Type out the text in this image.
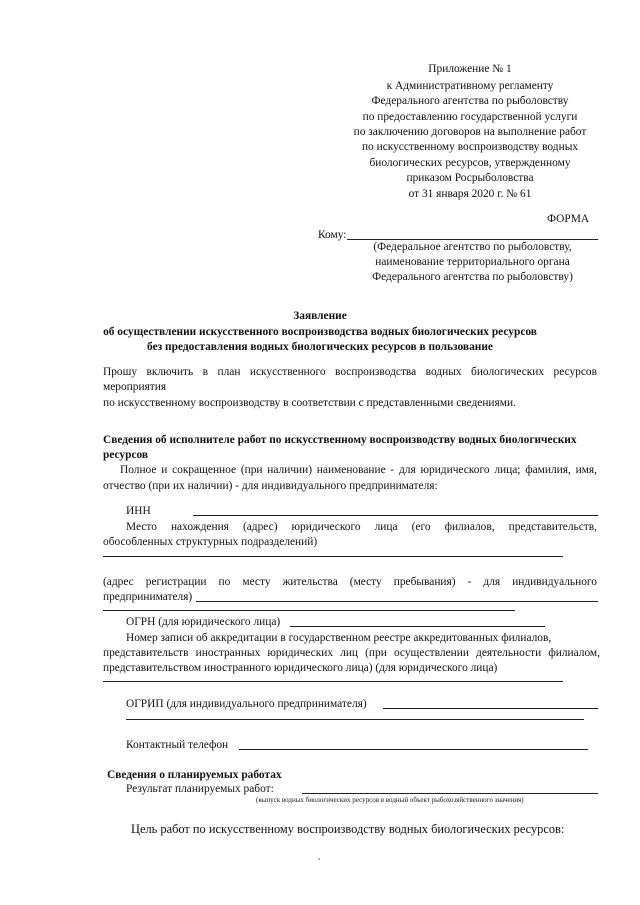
Приложение № 1
к Административному регламенту
Федерального агентства по рыболовству
по предоставлению государственной услуги
по заключению договоров на выполнение работ
по искусственному воспроизводству водных
биологических ресурсов, утвержденному
приказом Росрыболовства
от 31 января 2020 г. № 61
ФОРМА
Кому:
(Федеральное агентство по рыболовству,
наименование территориального органа
Федерального агентства по рыболовству)
Заявление
об осуществлении искусственного воспроизводства водных биологических ресурсов
без предоставления водных биологических ресурсов в пользование
Прошу включить в план искусственного воспроизводства водных биологических ресурсов
мероприятия
по искусственному воспроизводству в соответствии с представленными сведениями.
Сведения об исполнителе работ по искусственному воспроизводству водных биологических
ресурсов
Полное и сокращенное (при наличии) наименование - для юридического лица; фамилия, имя,
отчество (при их наличии) - для индивидуального предпринимателя:
ИНН
Место нахождения (адрес) юридического лица (его филиалов, представительств,
обособленных структурных подразделений)
(адрес регистрации по месту жительства (месту пребывания) - для индивидуального
предпринимателя)
ОГРН (для юридического лица)
Номер записи об аккредитации в государственном реестре аккредитованных филиалов,
представительств иностранных юридических лиц (при осуществлении деятельности филиалом,
представительством иностранного юридического лица) (для юридического лица)
ОГРИП (для индивидуального предпринимателя)
Контактный телефон
Сведения о планируемых работах
Результат планируемых работ:
(выпуск водных биологических ресурсов в водный объект рыбохозяйственного значения)
Цель работ по искусственному воспроизводству водных биологических ресурсов:
